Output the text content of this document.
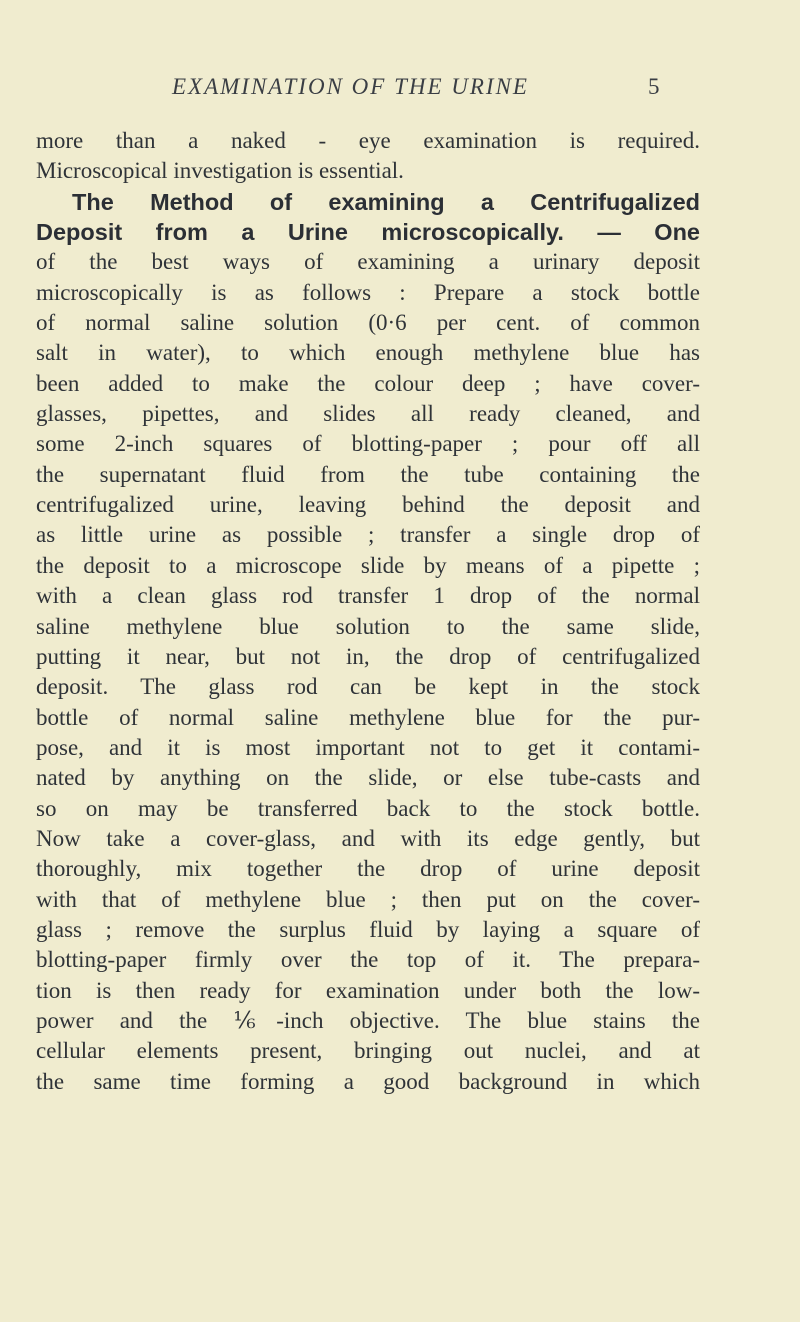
EXAMINATION OF THE URINE	5
more than a naked - eye examination is required.
Microscopical investigation is essential.
The Method of examining a Centrifugalized
Deposit from a Urine microscopically. — One
of the best ways of examining a urinary deposit
microscopically is as follows : Prepare a stock bottle
of normal saline solution (0·6 per cent. of common
salt in water), to which enough methylene blue has
been added to make the colour deep ; have cover-
glasses, pipettes, and slides all ready cleaned, and
some 2-inch squares of blotting-paper ; pour off all
the supernatant fluid from the tube containing the
centrifugalized urine, leaving behind the deposit and
as little urine as possible ; transfer a single drop of
the deposit to a microscope slide by means of a pipette ;
with a clean glass rod transfer 1 drop of the normal
saline methylene blue solution to the same slide,
putting it near, but not in, the drop of centrifugalized
deposit. The glass rod can be kept in the stock
bottle of normal saline methylene blue for the pur-
pose, and it is most important not to get it contami-
nated by anything on the slide, or else tube-casts and
so on may be transferred back to the stock bottle.
Now take a cover-glass, and with its edge gently, but
thoroughly, mix together the drop of urine deposit
with that of methylene blue ; then put on the cover-
glass ; remove the surplus fluid by laying a square of
blotting-paper firmly over the top of it. The prepara-
tion is then ready for examination under both the low-
power and the ⅙-inch objective. The blue stains the
cellular elements present, bringing out nuclei, and at
the same time forming a good background in which
